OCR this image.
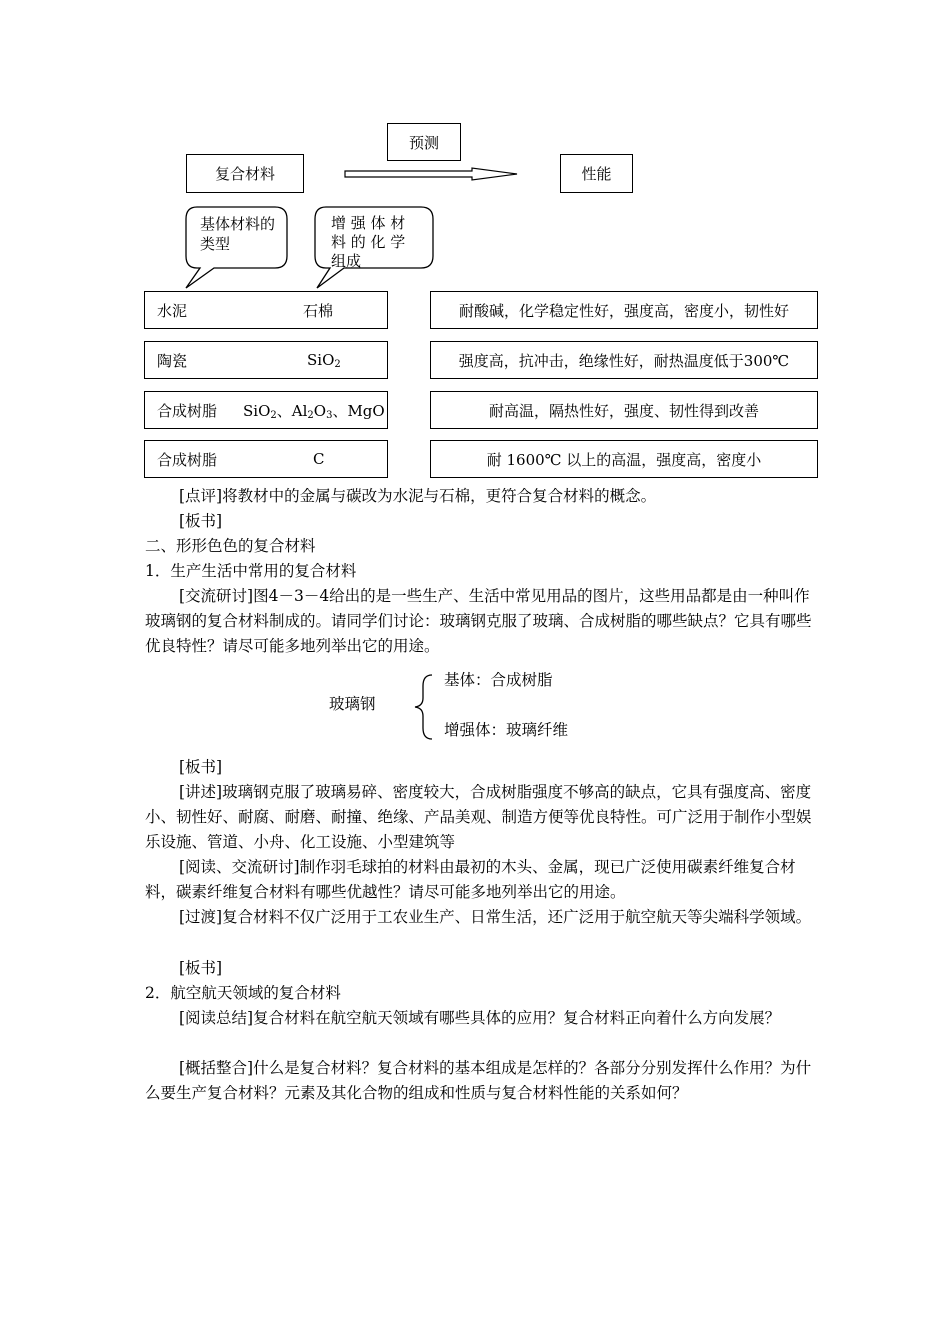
预测
复合材料	性能
基体材料的类型
增 强 体 材
料 的 化 学
组成
水泥	石棉	耐酸碱，化学稳定性好，强度高，密度小，韧性好
陶瓷	SiO$_2$	强度高，抗冲击，绝缘性好，耐热温度低于300℃
合成树脂	SiO$_2$、$Al_2O_3$、MgO	耐高温，隔热性好，强度、韧性得到改善
合成树脂	C	耐 1600℃ 以上的高温，强度高，密度小
[点评]将教材中的金属与碳改为水泥与石棉，更符合复合材料的概念。
[板书]
二、形形色色的复合材料
1．生产生活中常用的复合材料
[交流研讨]图4－3－4给出的是一些生产、生活中常见用品的图片，这些用品都是由一种叫作玻璃钢的复合材料制成的。请同学们讨论：玻璃钢克服了玻璃、合成树脂的哪些缺点？它具有哪些优良特性？请尽可能多地列举出它的用途。
玻璃钢
基体：合成树脂
增强体：玻璃纤维
[板书]
[讲述]玻璃钢克服了玻璃易碎、密度较大，合成树脂强度不够高的缺点，它具有强度高、密度小、韧性好、耐腐、耐磨、耐撞、绝缘、产品美观、制造方便等优良特性。可广泛用于制作小型娱乐设施、管道、小舟、化工设施、小型建筑等
[阅读、交流研讨]制作羽毛球拍的材料由最初的木头、金属，现已广泛使用碳素纤维复合材料，碳素纤维复合材料有哪些优越性？请尽可能多地列举出它的用途。
[过渡]复合材料不仅广泛用于工农业生产、日常生活，还广泛用于航空航天等尖端科学领域。
[板书]
2．航空航天领域的复合材料
[阅读总结]复合材料在航空航天领域有哪些具体的应用？复合材料正向着什么方向发展？
[概括整合]什么是复合材料？复合材料的基本组成是怎样的？各部分分别发挥什么作用？为什么要生产复合材料？元素及其化合物的组成和性质与复合材料性能的关系如何？
